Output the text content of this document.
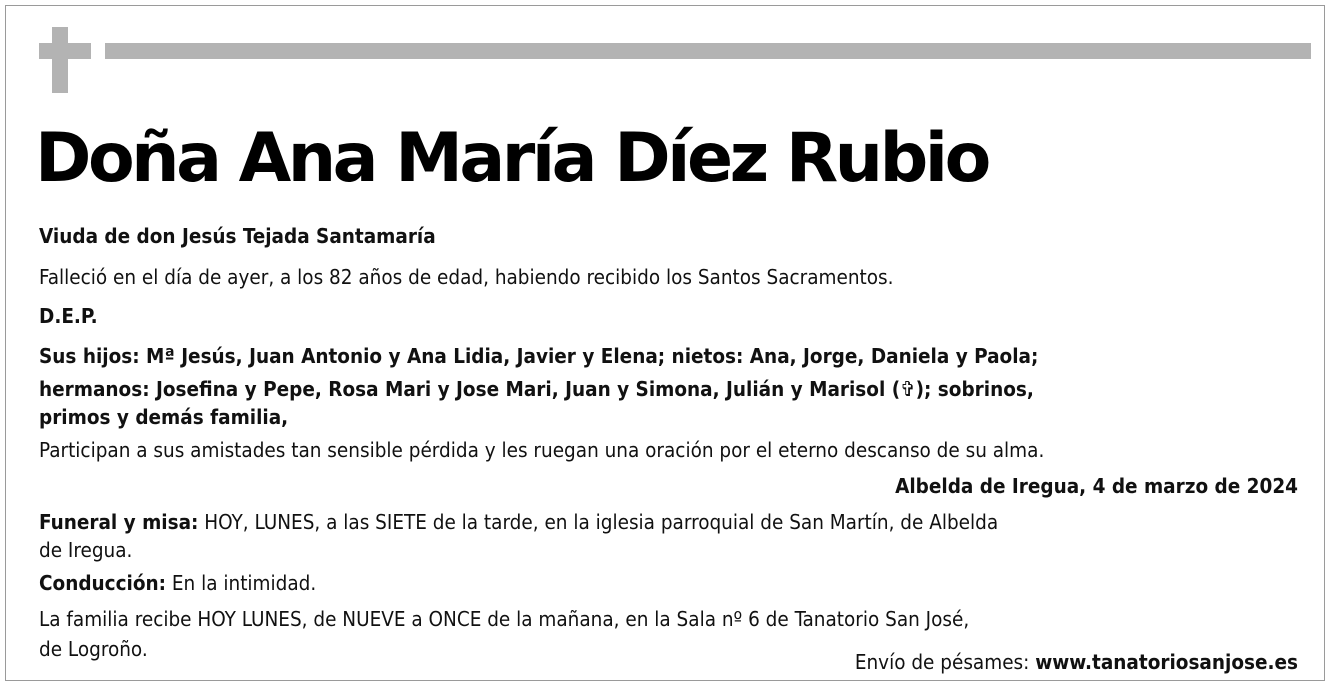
Doña Ana María Díez Rubio

Viuda de don Jesús Tejada Santamaría

Falleció en el día de ayer, a los 82 años de edad, habiendo recibido los Santos Sacramentos.

D.E.P.

Sus hijos: Mª Jesús, Juan Antonio y Ana Lidia, Javier y Elena; nietos: Ana, Jorge, Daniela y Paola;

hermanos: Josefina y Pepe, Rosa Mari y Jose Mari, Juan y Simona, Julián y Marisol (✞); sobrinos,

primos y demás familia,

Participan a sus amistades tan sensible pérdida y les ruegan una oración por el eterno descanso de su alma.

Albelda de Iregua, 4 de marzo de 2024

Funeral y misa: HOY, LUNES, a las SIETE de la tarde, en la iglesia parroquial de San Martín, de Albelda

de Iregua.

Conducción: En la intimidad.

La familia recibe HOY LUNES, de NUEVE a ONCE de la mañana, en la Sala nº 6 de Tanatorio San José,

de Logroño.

Envío de pésames: www.tanatoriosanjose.es
